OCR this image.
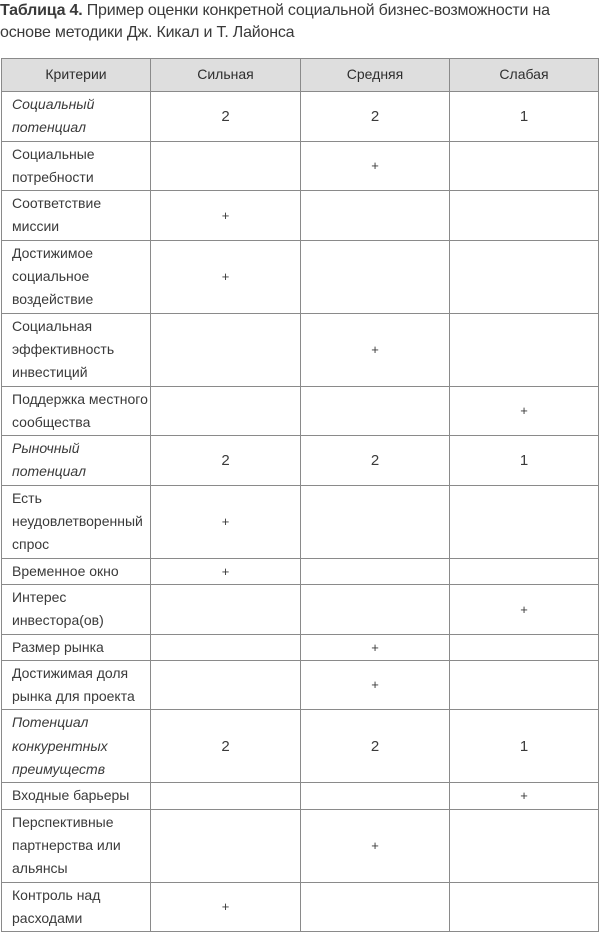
Таблица 4. Пример оценки конкретной социальной бизнес-возможности на основе методики Дж. Кикал и Т. Лайонса
Критерии	Сильная	Средняя	Слабая
Социальный потенциал	2	2	1
Социальные потребности		+	
Соответствие миссии	+		
Достижимое социальное воздействие	+		
Социальная эффективность инвестиций		+	
Поддержка местного сообщества			+
Рыночный потенциал	2	2	1
Есть неудовлетворенный спрос	+		
Временное окно	+		
Интерес инвестора(ов)			+
Размер рынка		+	
Достижимая доля рынка для проекта		+	
Потенциал конкурентных преимуществ	2	2	1
Входные барьеры			+
Перспективные партнерства или альянсы		+	
Контроль над расходами	+		
